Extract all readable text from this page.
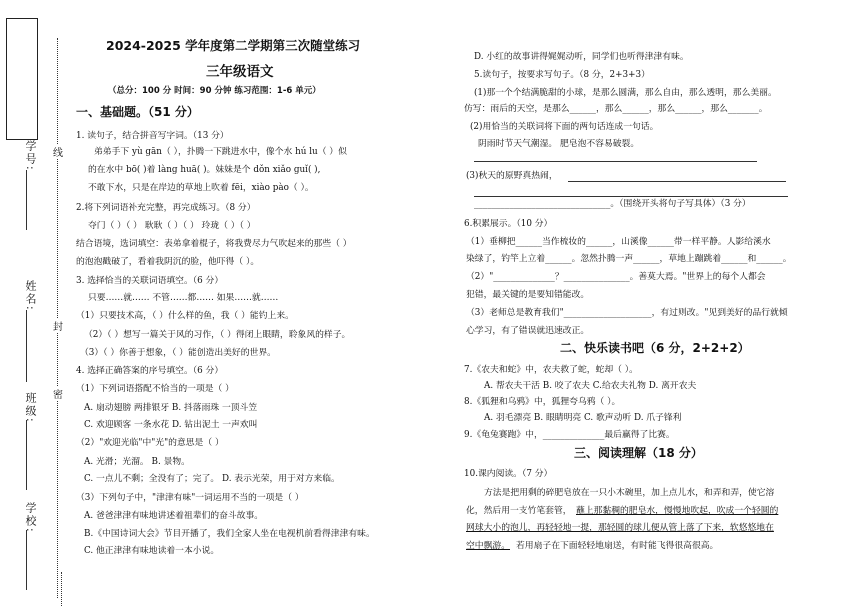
学号:
姓名:
班级:
学校:
线
封
密
2024-2025 学年度第二学期第三次随堂练习
三年级语文
（总分：100 分 时间：90 分钟 练习范围：1-6 单元）
一、基础题。（51 分）
1. 读句子，结合拼音写字词。（13 分）
弟弟手下 yù gān（ ），扑腾一下跳进水中，像个水 hú lu（ ）似
的在水中 bō( )着 làng huā( )。妹妹是个 dǒn xiǎo guǐ( ),
不敢下水，只是在岸边的草地上吹着 fēi，xiào pào（ ）。
2.将下列词语补充完整，再完成练习。（8 分）
夺门（ ）（ ） 耿耿（ ）（ ） 玲珑（ ）（ ）
结合语境，选词填空：表弟拿着棍子，将我费尽力气吹起来的那些（ ）
的泡泡戳破了，看着我阴沉的脸，他吓得（ ）。
3. 选择恰当的关联词语填空。（6 分）
只要……就…… 不管……都…… 如果……就……
（1）只要技术高，（ ）什么样的鱼，我（ ）能钓上来。
（2）（ ）想写一篇关于风的习作，（ ）得闭上眼睛，聆象风的样子。
（3）（ ）你善于想象，（ ）能创造出美好的世界。
4. 选择正确答案的序号填空。（6 分）
（1）下列词语搭配不恰当的一项是（ ）
A. 扇动翅膀 两排银牙 B. 抖落雨珠 一顶斗笠
C. 欢迎顾客 一条水花 D. 钻出泥土 一声欢叫
（2）"欢迎光临"中"光"的意思是（ ）
A. 光滑；光溜。 B. 景物。
C. 一点儿不剩；全没有了；完了。 D. 表示光荣，用于对方来临。
（3）下列句子中，"津津有味"一词运用不当的一项是（ ）
A. 爸爸津津有味地讲述着祖辈们的奋斗故事。
B.《中国诗词大会》节目开播了，我们全家人坐在电视机前看得津津有味。
C. 他正津津有味地读着一本小说。
D. 小红的故事讲得娓娓动听，同学们也听得津津有味。
5.读句子，按要求写句子。（8 分，2+3+3）
(1)那一个个结满脆甜的小球，是那么圆满，那么自由，那么透明，那么美丽。
仿写：雨后的天空，是那么______，那么______，那么______，那么_______。
(2)用恰当的关联词将下面的两句话连成一句话。
阴雨时节天气潮湿。 肥皂泡不容易破裂。
(3)秋天的原野真热闹，
_______________________________。（围绕开头将句子写具体）（3 分）
6.积累展示。（10 分）
（1）垂柳把______当作梳妆的______，山溪像______带一样平静。人影给溪水
染绿了，钓竿上立着______。忽然扑腾一声______，草地上蹦跳着______和______。
（2）"______________？_______________。善莫大焉。"世界上的每个人都会
犯错，最关键的是要知错能改。
（3）老师总是教育我们"____________________，有过则改。"见到美好的品行就倾
心学习，有了错误就迅速改正。
二、快乐读书吧（6 分，2+2+2）
7.《农夫和蛇》中，农夫救了蛇，蛇却（ ）。
A. 帮农夫干活 B. 咬了农夫 C.给农夫礼物 D. 离开农夫
8.《狐狸和乌鸦》中，狐狸夸乌鸦（ ）。
A. 羽毛漂亮 B. 眼睛明亮 C. 歌声动听 D. 爪子锋利
9.《龟兔赛跑》中，______________最后赢得了比赛。
三、阅读理解（18 分）
10.课内阅读。（7 分）
方法是把用剩的碎肥皂放在一只小木碗里，加上点儿水，和弄和弄，使它溶
化，然后用一支竹笔套管， 蘸上那黏稠的肥皂水，慢慢地吹起，吹成一个轻圆的
网球大小的泡儿，再轻轻地一提，那轻圆的球儿便从管上落了下来，软悠悠地在
空中飘游。 若用扇子在下面轻轻地扇送，有时能飞得很高很高。
